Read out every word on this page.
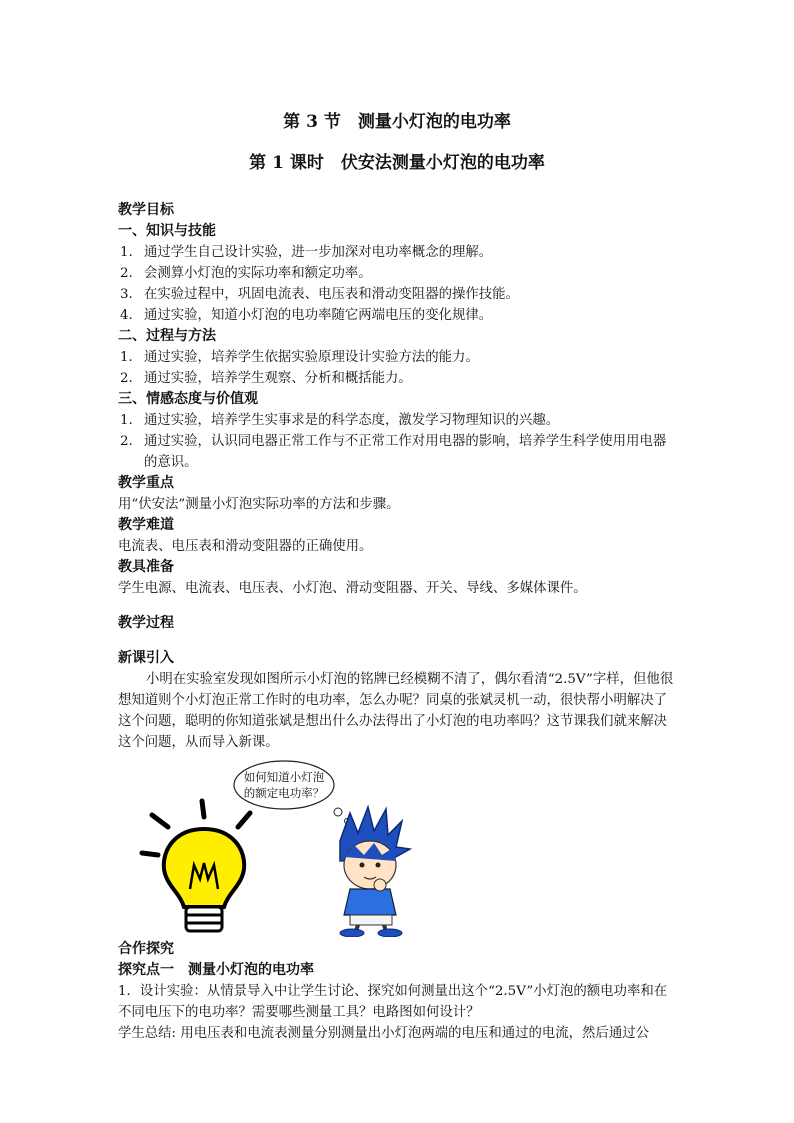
第 3 节　测量小灯泡的电功率
第 1 课时　伏安法测量小灯泡的电功率
教学目标
一、知识与技能
1. 通过学生自己设计实验，进一步加深对电功率概念的理解。
2. 会测算小灯泡的实际功率和额定功率。
3. 在实验过程中，巩固电流表、电压表和滑动变阻器的操作技能。
4. 通过实验，知道小灯泡的电功率随它两端电压的变化规律。
二、过程与方法
1. 通过实验，培养学生依据实验原理设计实验方法的能力。
2. 通过实验，培养学生观察、分析和概括能力。
三、情感态度与价值观
1. 通过实验，培养学生实事求是的科学态度，激发学习物理知识的兴趣。
2. 通过实验，认识同电器正常工作与不正常工作对用电器的影响，培养学生科学使用用电器的意识。
教学重点
用“伏安法”测量小灯泡实际功率的方法和步骤。
教学难道
电流表、电压表和滑动变阻器的正确使用。
教具准备
学生电源、电流表、电压表、小灯泡、滑动变阻器、开关、导线、多媒体课件。
教学过程
新课引入

小明在实验室发现如图所示小灯泡的铭牌已经模糊不清了，偶尔看清“2.5V”字样，但他很想知道则个小灯泡正常工作时的电功率，怎么办呢？同桌的张斌灵机一动，很快帮小明解决了这个问题，聪明的你知道张斌是想出什么办法得出了小灯泡的电功率吗？这节课我们就来解决这个问题，从而导入新课。

如何知道小灯泡
的额定电功率？
合作探究
探究点一　测量小灯泡的电功率

1．设计实验：从情景导入中让学生讨论、探究如何测量出这个“2.5V”小灯泡的额电功率和在不同电压下的电功率？需要哪些测量工具？电路图如何设计？

学生总结: 用电压表和电流表测量分别测量出小灯泡两端的电压和通过的电流，然后通过公
